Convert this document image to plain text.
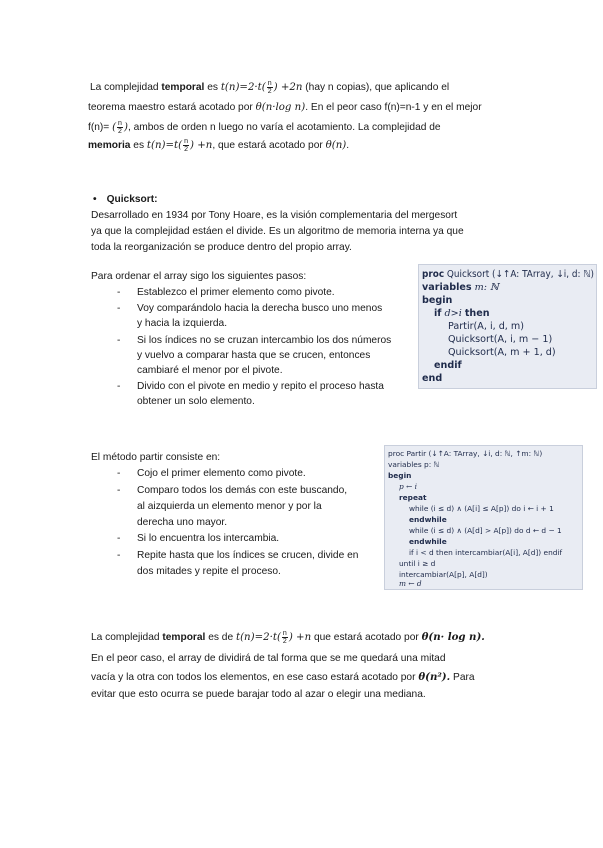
La complejidad temporal es $t(n)=2\cdot t( \frac{n}{2}$ ) +2n (hay n copias), que aplicando el
teorema maestro estará acotado por θ(n·log n). En el peor caso f(n)=n-1 y en el mejor
f(n)= ( $\frac{n}{2}$ ), ambos de orden n luego no varía el acotamiento. La complejidad de
memoria es $t(n)=t( \frac{n}{2}$ ) +n, que estará acotado por θ(n).
• Quicksort:
Desarrollado en 1934 por Tony Hoare, es la visión complementaria del mergesort
ya que la complejidad estáen el divide. Es un algoritmo de memoria interna ya que
toda la reorganización se produce dentro del propio array.
Para ordenar el array sigo los siguientes pasos:
- Establezco el primer elemento como pivote.
- Voy comparándolo hacia la derecha busco uno menos
y hacia la izquierda.
- Si los índices no se cruzan intercambio los dos números
y vuelvo a comparar hasta que se crucen, entonces
cambiaré el menor por el pivote.
- Divido con el pivote en medio y repito el proceso hasta
obtener un solo elemento.
proc Quicksort (↓↑A: TArray, ↓i, d: ℕ)
variables m: ℕ
begin
if d>i then
Partir(A, i, d, m)
Quicksort(A, i, m − 1)
Quicksort(A, m + 1, d)
endif
end
El método partir consiste en:
- Cojo el primer elemento como pivote.
- Comparo todos los demás con este buscando,
al aizquierda un elemento menor y por la
derecha uno mayor.
- Si lo encuentra los intercambia.
- Repite hasta que los índices se crucen, divide en
dos mitades y repite el proceso.
proc Partir (↓↑A: TArray, ↓i, d: ℕ, ↑m: ℕ)
variables p: ℕ
begin
p ← i
repeat
while (i ≤ d) ∧ (A[i] ≤ A[p]) do i ← i + 1
endwhile
while (i ≤ d) ∧ (A[d] > A[p]) do d ← d − 1
endwhile
if i < d then intercambiar(A[i], A[d]) endif
until i ≥ d
intercambiar(A[p], A[d])
m ← d
La complejidad temporal es de $t(n)=2\cdot t( \frac{n}{2}$ ) +n que estará acotado por θ(n· log n).
En el peor caso, el array de dividirá de tal forma que se me quedará una mitad
vacía y la otra con todos los elementos, en ese caso estará acotado por θ(n²). Para
evitar que esto ocurra se puede barajar todo al azar o elegir una mediana.
